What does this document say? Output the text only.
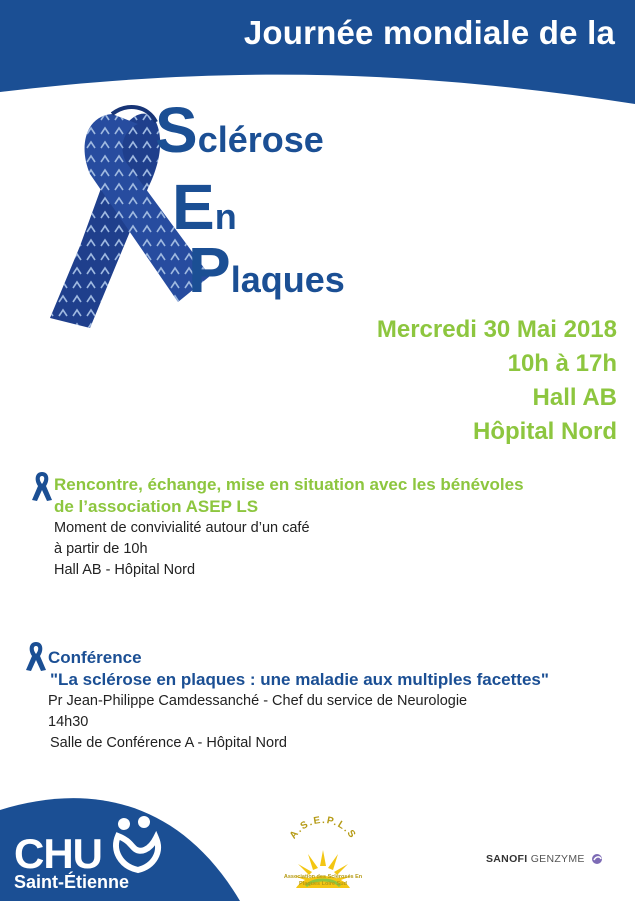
Journée mondiale de la
Sclérose
En
Plaques
Mercredi 30 Mai 2018
10h à 17h
Hall AB
Hôpital Nord
Rencontre, échange, mise en situation avec les bénévoles
de l’association ASEP LS
Moment de convivialité autour d’un café
à partir de 10h
Hall AB - Hôpital Nord
Conférence
"La sclérose en plaques : une maladie aux multiples facettes"
Pr Jean-Philippe Camdessanché - Chef du service de Neurologie
14h30
Salle de Conférence A - Hôpital Nord
CHU
Saint-Étienne
A.S.E.P.L.S
Association des Sclérosés En Plaques Loire Sud
SANOFI GENZYME
